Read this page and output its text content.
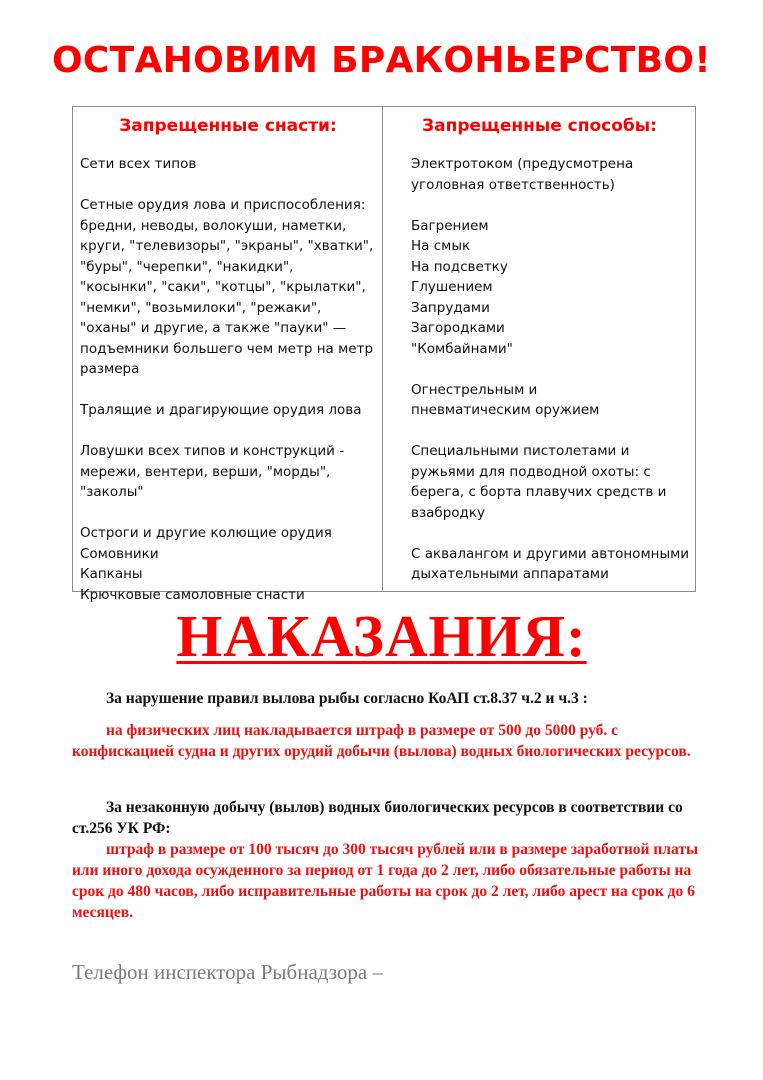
ОСТАНОВИМ БРАКОНЬЕРСТВО!
Запрещенные снасти:
Сети всех типов
Сетные орудия лова и приспособления:
бредни, неводы, волокуши, наметки,
круги, "телевизоры", "экраны", "хватки",
"буры", "черепки", "накидки",
"косынки", "саки", "котцы", "крылатки",
"немки", "возьмилоки", "режаки",
"оханы" и другие, а также "пауки" —
подъемники большего чем метр на метр
размера
Тралящие и драгирующие орудия лова
Ловушки всех типов и конструкций -
мережи, вентери, верши, "морды",
"заколы"
Остроги и другие колющие орудия
Сомовники
Капканы
Крючковые самоловные снасти
Запрещенные способы:
Электротоком (предусмотрена
уголовная ответственность)
Багрением
На смык
На подсветку
Глушением
Запрудами
Загородками
"Комбайнами"
Огнестрельным и
пневматическим оружием
Специальными пистолетами и
ружьями для подводной охоты: с
берега, с борта плавучих средств и
взабродку
С аквалангом и другими автономными
дыхательными аппаратами
НАКАЗАНИЯ:

За нарушение правил вылова рыбы согласно КоАП ст.8.37 ч.2 и ч.3 :

на физических лиц накладывается штраф в размере от 500 до 5000 руб. с конфискацией судна и других орудий добычи (вылова) водных биологических ресурсов.

За незаконную добычу (вылов) водных биологических ресурсов в соответствии со ст.256 УК РФ:

штраф в размере от 100 тысяч до 300 тысяч рублей или в размере заработной платы или иного дохода осужденного за период от 1 года до 2 лет, либо обязательные работы на срок до 480 часов, либо исправительные работы на срок до 2 лет, либо арест на срок до 6 месяцев.

Телефон инспектора Рыбнадзора –
